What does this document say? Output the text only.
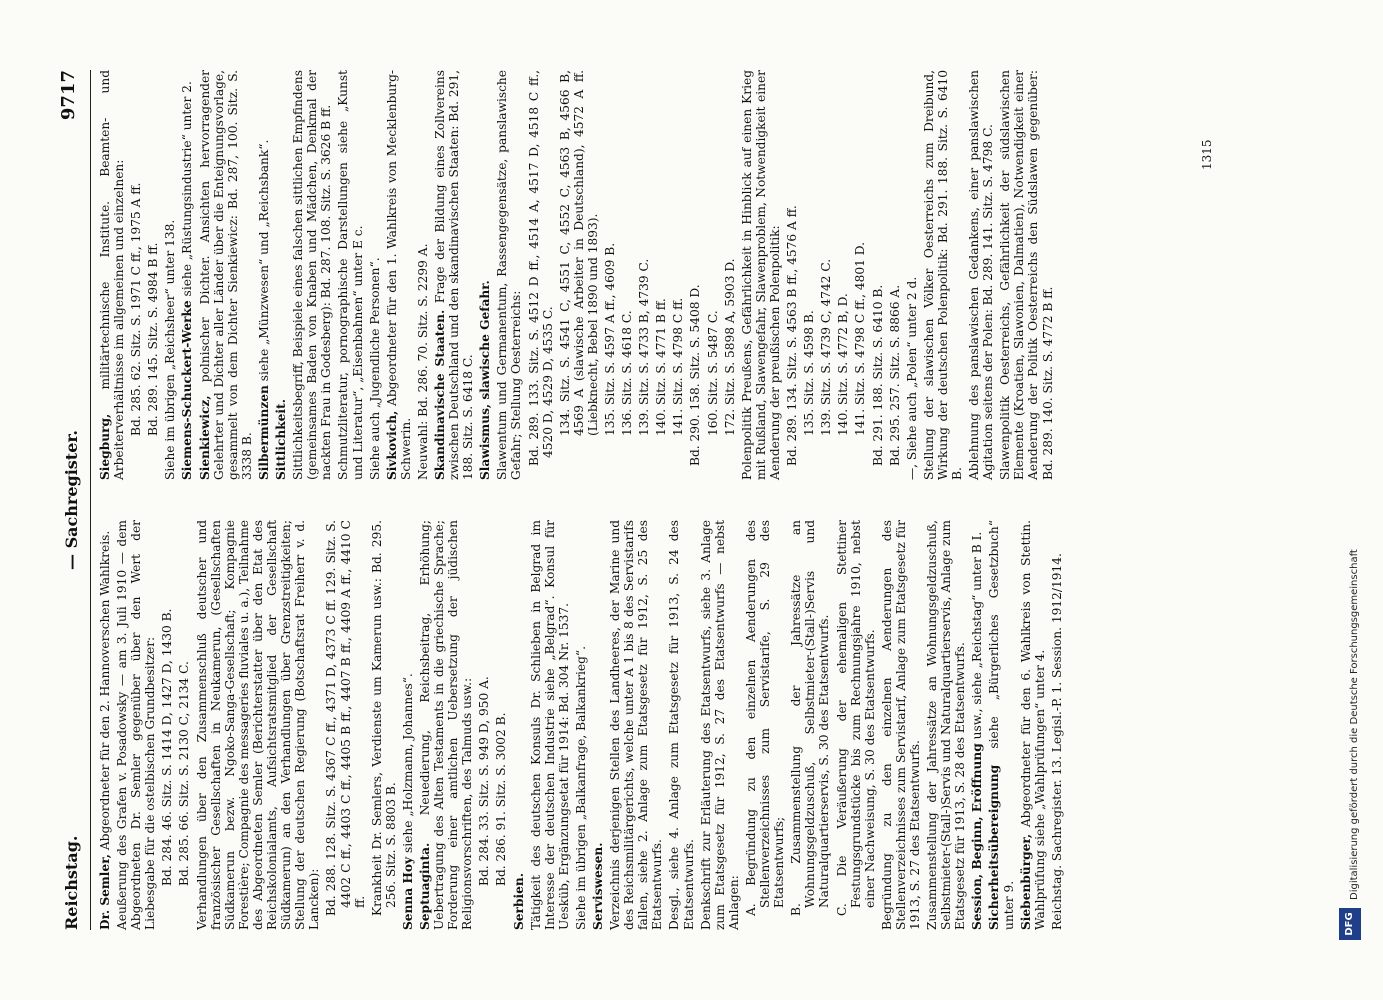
Reichstag.
— Sachregister.
9717

Dr. Semler, Abgeordneter für den 2. Hannoverschen Wahlkreis. Aeußerung des Grafen v. Posadowsky — am 3. Juli 1910 — dem Abgeordneten Dr. Semler gegenüber über den Wert der Liebesgabe für die ostelbischen Grundbesitzer: Bd. 284. 46. Sitz. S. 1414 D, 1427 D, 1430 B. Bd. 285. 66. Sitz. S. 2130 C, 2134 C. Verhandlungen über den Zusammenschluß deutscher und französischer Gesellschaften in Neukamerun, (Gesellschaften Südkamerun bezw. Ngoko-Sanga-Gesellschaft; Kompagnie Forestière; Compagnie des messageries fluviales u. a.), Teilnahme des Abgeordneten Semler (Berichterstatter über den Etat des Reichskolonialamts, Aufsichtsratsmitglied der Gesellschaft Südkamerun) an den Verhandlungen über Grenzstreitigkeiten; Stellung der deutschen Regierung (Botschaftsrat Freiherr v. d. Lancken): Bd. 288. 128. Sitz. S. 4367 C ff., 4371 D, 4373 C ff. 129. Sitz. S. 4402 C ff., 4403 C ff., 4405 B ff., 4407 B ff., 4409 A ff., 4410 C ff. Krankheit Dr. Semlers, Verdienste um Kamerun usw.: Bd. 295. 256. Sitz. S. 8803 B. Senna Hoy siehe „Holzmann, Johannes“.

Septuaginta. Neuedierung, Reichsbeitrag, Erhöhung; Uebertragung des Alten Testaments in die griechische Sprache; Forderung einer amtlichen Uebersetzung der jüdischen Religionsvorschriften, des Talmuds usw.: Bd. 284. 33. Sitz. S. 949 D, 950 A. Bd. 286. 91. Sitz. S. 3002 B.

Serbien. Tätigkeit des deutschen Konsuls Dr. Schlieben in Belgrad im Interesse der deutschen Industrie siehe „Belgrad“. Konsul für Uesküb, Ergänzungsetat für 1914: Bd. 304 Nr. 1537. Siehe im übrigen „Balkanfrage, Balkankrieg“. Serviswesen. Verzeichnis derjenigen Stellen des Landheeres, der Marine und des Reichsmilitärgerichts, welche unter A 1 bis 8 des Servistarifs fallen, siehe 2. Anlage zum Etatsgesetz für 1912, S. 25 des Etatsentwurfs. Desgl., siehe 4. Anlage zum Etatsgesetz für 1913, S. 24 des Etatsentwurfs. Denkschrift zur Erläuterung des Etatsentwurfs, siehe 3. Anlage zum Etatsgesetz für 1912, S. 27 des Etatsentwurfs — nebst Anlagen: A. Begründung zu den einzelnen Aenderungen des Stellenverzeichnisses zum Servistarife, S. 29 des Etatsentwurfs; B. Zusammenstellung der Jahressätze an Wohnungsgeldzuschuß, Selbstmieter-(Stall-)Servis und Naturalquartierservis, S. 30 des Etatsentwurfs. C. Die Veräußerung der ehemaligen Stettiner Festungsgrundstücke bis zum Rechnungsjahre 1910, nebst einer Nachweisung, S. 30 des Etatsentwurfs. Begründung zu den einzelnen Aenderungen des Stellenverzeichnisses zum Servistarif, Anlage zum Etatsgesetz für 1913, S. 27 des Etatsentwurfs. Zusammenstellung der Jahressätze an Wohnungsgeldzuschuß, Selbstmieter-(Stall-)Servis und Naturalquartierservis, Anlage zum Etatsgesetz für 1913, S. 28 des Etatsentwurfs. Session, Beginn, Eröffnung usw., siehe „Reichstag“ unter B I.

Sicherheitsübereignung siehe „Bürgerliches Gesetzbuch“ unter 9. Siebenbürger, Abgeordneter für den 6. Wahlkreis von Stettin. Wahlprüfung siehe „Wahlprüfungen“ unter 4. Reichstag. Sachregister. 13. Legisl.-P. 1. Session. 1912/1914.

Siegburg, militärtechnische Institute. Beamten- und Arbeiterverhältnisse im allgemeinen und einzelnen: Bd. 285. 62. Sitz. S. 1971 C ff., 1975 A ff. Bd. 289. 145. Sitz. S. 4984 B ff. Siehe im übrigen „Reichsheer“ unter 138. Siemens-Schuckert-Werke siehe „Rüstungsindustrie“ unter 2.

Sienkiewicz, polnischer Dichter. Ansichten hervorragender Gelehrter und Dichter aller Länder über die Enteignungsvorlage, gesammelt von dem Dichter Sienkiewicz: Bd. 287, 100. Sitz. S. 3338 B. Silbermünzen siehe „Münzwesen“ und „Reichsbank“.

Sittlichkeit. Sittlichkeitsbegriff, Beispiele eines falschen sittlichen Empfindens (gemeinsames Baden von Knaben und Mädchen, Denkmal der nackten Frau in Godesberg): Bd. 287. 108. Sitz. S. 3626 B ff. Schmutzliteratur, pornographische Darstellungen siehe „Kunst und Literatur“, „Eisenbahnen“ unter E c. Siehe auch „Jugendliche Personen“. Sivkovich, Abgeordneter für den 1. Wahlkreis von Mecklenburg-Schwerin. Neuwahl: Bd. 286. 70. Sitz. S. 2299 A. Skandinavische Staaten. Frage der Bildung eines Zollvereins zwischen Deutschland und den skandinavischen Staaten: Bd. 291, 188. Sitz. S. 6418 C. Slawismus, slawische Gefahr. Slawentum und Germanentum, Rassengegensätze, panslawische Gefahr; Stellung Oesterreichs: Bd. 289. 133. Sitz. S. 4512 D ff., 4514 A, 4517 D, 4518 C ff., 4520 D, 4529 D, 4535 C. 134. Sitz. S. 4541 C, 4551 C, 4552 C, 4563 B, 4566 B, 4569 A (slawische Arbeiter in Deutschland), 4572 A ff. (Liebknecht, Bebel 1890 und 1893). 135. Sitz. S. 4597 A ff., 4609 B. 136. Sitz. S. 4618 C. 139. Sitz. S. 4733 B, 4739 C. 140. Sitz. S. 4771 B ff. 141. Sitz. S. 4798 C ff. Bd. 290. 158. Sitz. S. 5408 D. 160. Sitz. S. 5487 C. 172. Sitz. S. 5898 A, 5903 D. Polenpolitik Preußens, Gefährlichkeit in Hinblick auf einen Krieg mit Rußland, Slawengefahr, Slawenproblem, Notwendigkeit einer Aenderung der preußischen Polenpolitik: Bd. 289. 134. Sitz. S. 4563 B ff., 4576 A ff. 135. Sitz. S. 4598 B. 139. Sitz. S. 4739 C, 4742 C. 140. Sitz. S. 4772 B, D. 141. Sitz. S. 4798 C ff., 4801 D. Bd. 291. 188. Sitz. S. 6410 B. Bd. 295. 257. Sitz. S. 8866 A. —, Siehe auch „Polen“ unter 2 d. Stellung der slawischen Völker Oesterreichs zum Dreibund, Wirkung der deutschen Polenpolitik: Bd. 291. 188. Sitz. S. 6410 B. Ablehnung des panslawischen Gedankens, einer panslawischen Agitation seitens der Polen: Bd. 289. 141. Sitz. S. 4798 C. Slawenpolitik Oesterreichs, Gefährlichkeit der südslawischen Elemente (Kroatien, Slawonien, Dalmatien), Notwendigkeit einer Aenderung der Politik Oesterreichs den Südslawen gegenüber: Bd. 289. 140. Sitz. S. 4772 B ff.

1315
DFG
Digitalisierung gefördert durch die Deutsche Forschungsgemeinschaft
